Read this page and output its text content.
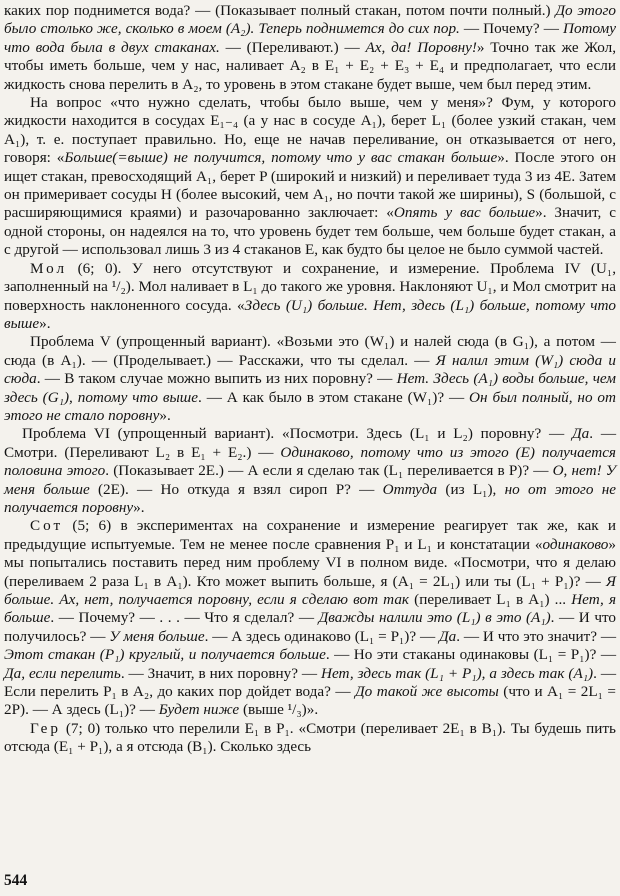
каких пор поднимется вода? — (Показывает полный стакан, потом почти полный.) До этого было столько же, сколько в моем (A₂). Теперь поднимется до сих пор. — Почему? — Потому что вода была в двух стаканах. — (Переливают.) — Ах, да! Поровну!» Точно так же Жол, чтобы иметь больше, чем у нас, наливает A₂ в E₁ + E₂ + E₃ + E₄ и предполагает, что если жидкость снова перелить в A₂, то уровень в этом стакане будет выше, чем был перед этим.

На вопрос «что нужно сделать, чтобы было выше, чем у меня»? Фум, у которого жидкости находится в сосудах E₁₋₄ (а у нас в сосуде A₁), берет L₁ (более узкий стакан, чем A₁), т. е. поступает правильно. Но, еще не начав переливание, он отказывается от него, говоря: «Больше(=выше) не получится, потому что у вас стакан больше». После этого он ищет стакан, превосходящий A₁, берет P (широкий и низкий) и переливает туда 3 из 4E. Затем он примеривает сосуды H (более высокий, чем A₁, но почти такой же ширины), S (большой, с расширяющимися краями) и разочарованно заключает: «Опять у вас больше». Значит, с одной стороны, он надеялся на то, что уровень будет тем больше, чем больше будет стакан, а с другой — использовал лишь 3 из 4 стаканов E, как будто бы целое не было суммой частей.

Мол (6; 0). У него отсутствуют и сохранение, и измерение. Проблема IV (U₁, заполненный на ¹/₂). Мол наливает в L₁ до такого же уровня. Наклоняют U₁, и Мол смотрит на поверхность наклоненного сосуда. «Здесь (U₁) больше. Нет, здесь (L₁) больше, потому что выше».

Проблема V (упрощенный вариант). «Возьми это (W₁) и налей сюда (в G₁), а потом — сюда (в A₁). — (Проделывает.) — Расскажи, что ты сделал. — Я налил этим (W₁) сюда и сюда. — В таком случае можно выпить из них поровну? — Нет. Здесь (A₁) воды больше, чем здесь (G₁), потому что выше. — А как было в этом стакане (W₁)? — Он был полный, но от этого не стало поровну».

Проблема VI (упрощенный вариант). «Посмотри. Здесь (L₁ и L₂) поровну? — Да. — Смотри. (Переливают L₂ в E₁ + E₂.) — Одинаково, потому что из этого (E) получается половина этого. (Показывает 2E.) — А если я сделаю так (L₁ переливается в P)? — О, нет! У меня больше (2E). — Но откуда я взял сироп P? — Оттуда (из L₁), но от этого не получается поровну».

Сот (5; 6) в экспериментах на сохранение и измерение реагирует так же, как и предыдущие испытуемые. Тем не менее после сравнения P₁ и L₁ и констатации «одинаково» мы попытались поставить перед ним проблему VI в полном виде. «Посмотри, что я делаю (переливаем 2 раза L₁ в A₁). Кто может выпить больше, я (A₁ = 2L₁) или ты (L₁ + P₁)? — Я больше. Ах, нет, получается поровну, если я сделаю вот так (переливает L₁ в A₁) ... Нет, я больше. — Почему? — . . . — Что я сделал? — Дважды налили это (L₁) в это (A₁). — И что получилось? — У меня больше. — А здесь одинаково (L₁ = P₁)? — Да. — И что это значит? — Этот стакан (P₁) круглый, и получается больше. — Но эти стаканы одинаковы (L₁ = P₁)? — Да, если перелить. — Значит, в них поровну? — Нет, здесь так (L₁ + P₁), а здесь так (A₁). — Если перелить P₁ в A₂, до каких пор дойдет вода? — До такой же высоты (что и A₁ = 2L₁ = 2P). — А здесь (L₁)? — Будет ниже (выше ¹/₃)».

Гер (7; 0) только что перелили E₁ в P₁. «Смотри (переливает 2E₁ в B₁). Ты будешь пить отсюда (E₁ + P₁), а я отсюда (B₁). Сколько здесь

544
